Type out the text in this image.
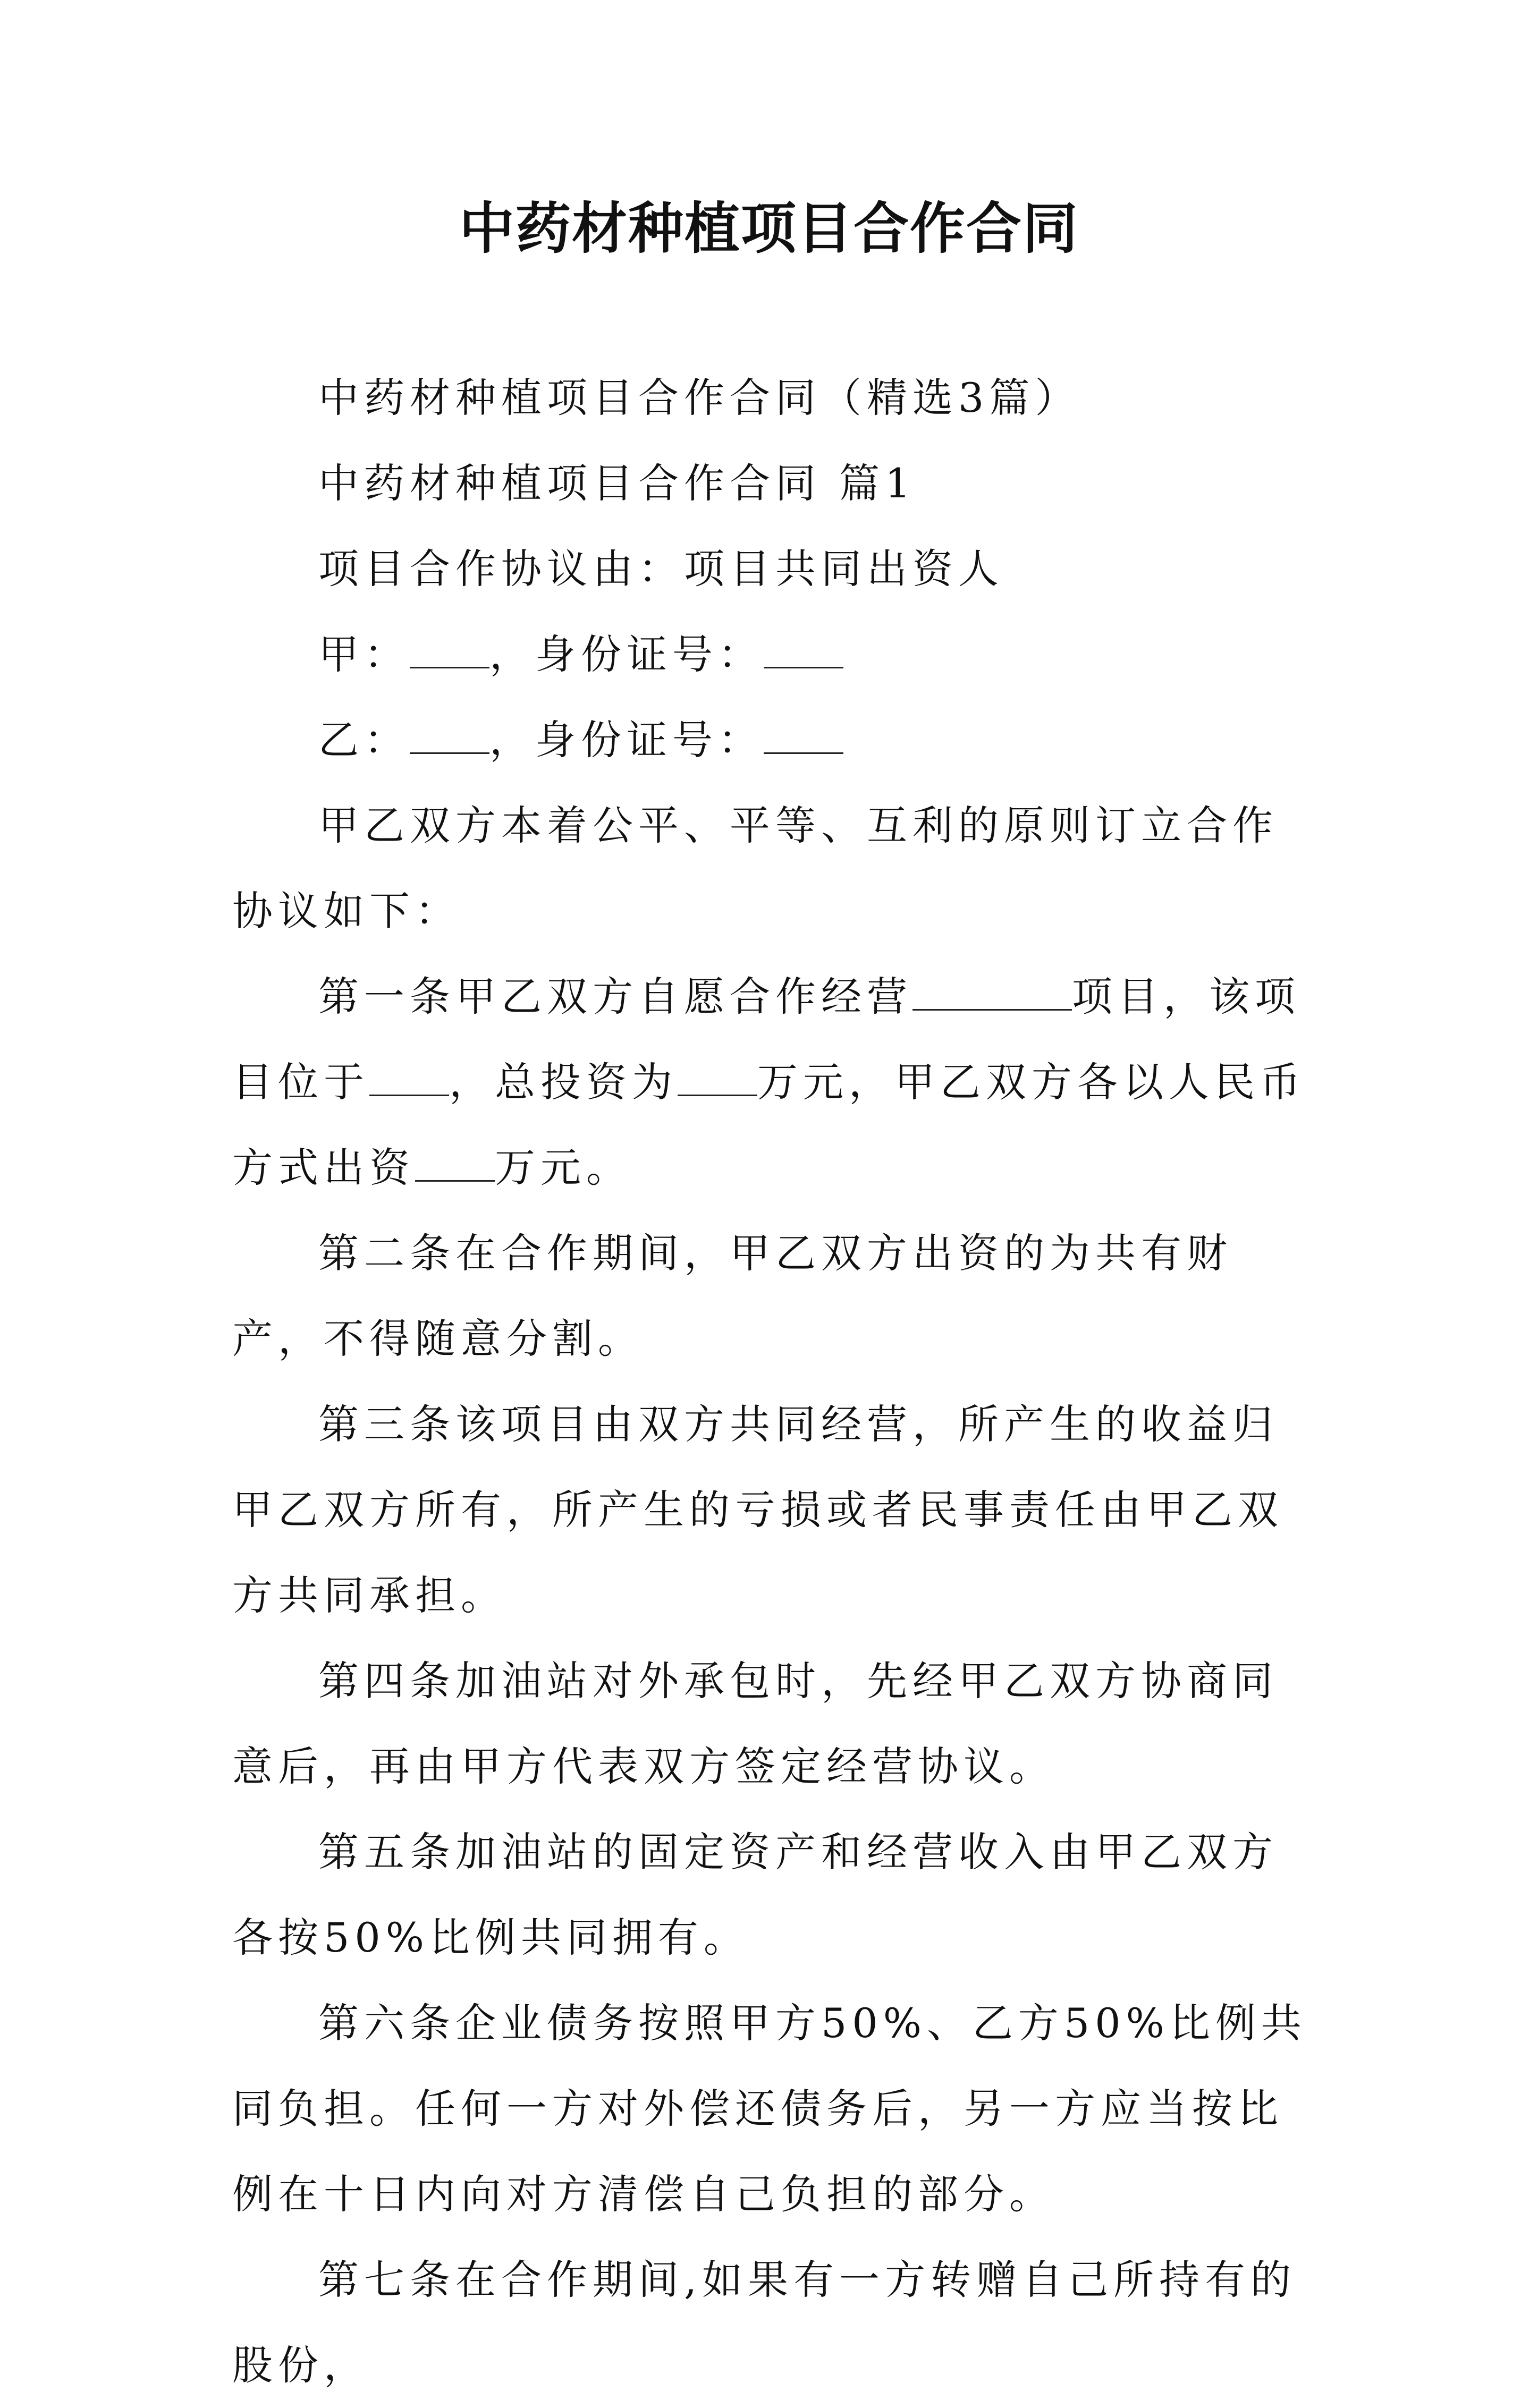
中药材种植项目合作合同

中药材种植项目合作合同（精选3篇）

中药材种植项目合作合同 篇1

项目合作协议由：项目共同出资人

甲： ，身份证号：

乙： ，身份证号：

甲乙双方本着公平、平等、互利的原则订立合作协议如下：

第一条甲乙双方自愿合作经营	项目，该项目位于 ，总投资为 万元，甲乙双方各以人民币方式出资 万元。

第二条在合作期间，甲乙双方出资的为共有财产，不得随意分割。

第三条该项目由双方共同经营，所产生的收益归甲乙双方所有，所产生的亏损或者民事责任由甲乙双方共同承担。

第四条加油站对外承包时，先经甲乙双方协商同意后，再由甲方代表双方签定经营协议。

第五条加油站的固定资产和经营收入由甲乙双方各按50%比例共同拥有。

第六条企业债务按照甲方50%、乙方50%比例共同负担。任何一方对外偿还债务后，另一方应当按比例在十日内向对方清偿自己负担的部分。

第七条在合作期间,如果有一方转赠自己所持有的股份，
